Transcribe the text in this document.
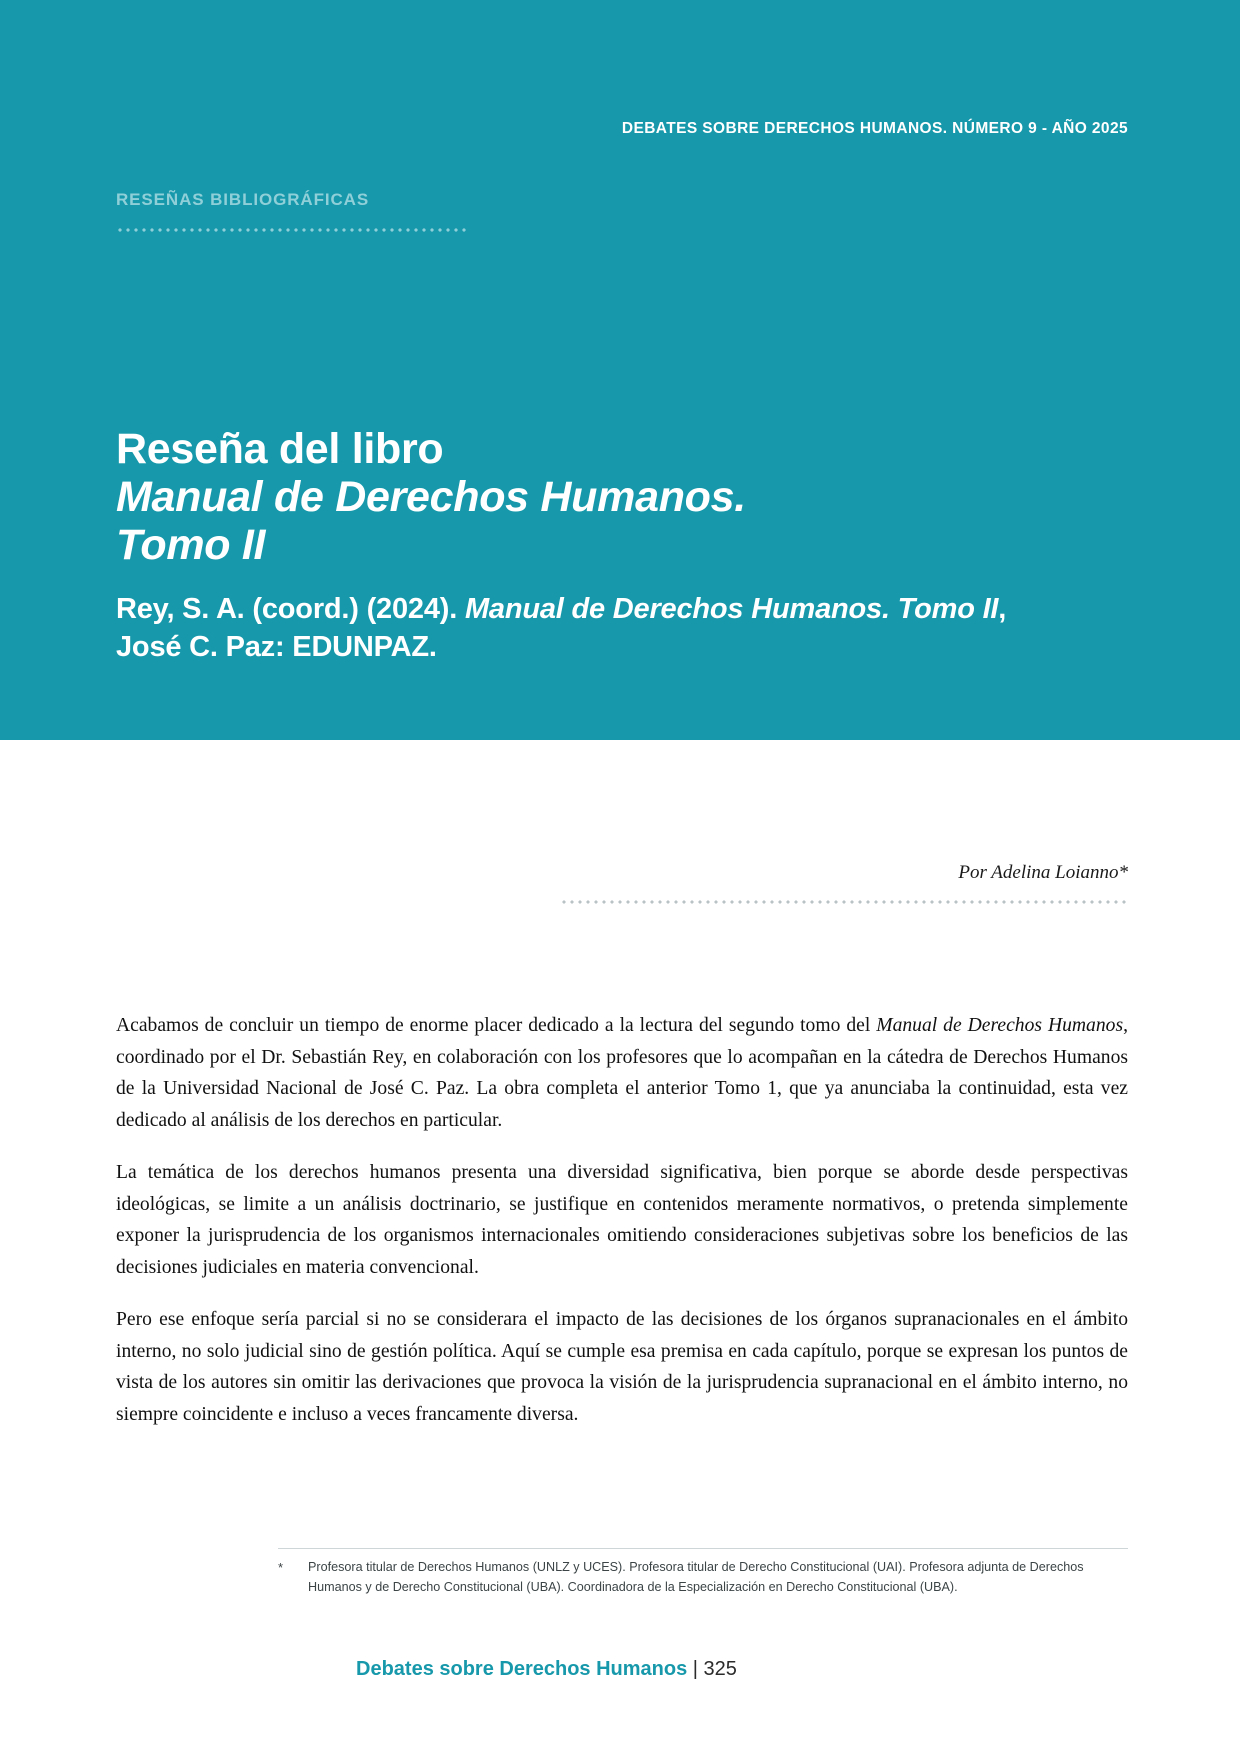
DEBATES SOBRE DERECHOS HUMANOS. NÚMERO 9 - AÑO 2025
RESEÑAS BIBLIOGRÁFICAS
Reseña del libro
Manual de Derechos Humanos.
Tomo II
Rey, S. A. (coord.) (2024). Manual de Derechos Humanos. Tomo II, José C. Paz: EDUNPAZ.
Por Adelina Loianno*

Acabamos de concluir un tiempo de enorme placer dedicado a la lectura del segundo tomo del Manual de Derechos Humanos, coordinado por el Dr. Sebastián Rey, en colaboración con los profesores que lo acompañan en la cátedra de Derechos Humanos de la Universidad Nacional de José C. Paz. La obra completa el anterior Tomo 1, que ya anunciaba la continuidad, esta vez dedicado al análisis de los derechos en particular.

La temática de los derechos humanos presenta una diversidad significativa, bien porque se aborde desde perspectivas ideológicas, se limite a un análisis doctrinario, se justifique en contenidos meramente normativos, o pretenda simplemente exponer la jurisprudencia de los organismos internacionales omitiendo consideraciones subjetivas sobre los beneficios de las decisiones judiciales en materia convencional.

Pero ese enfoque sería parcial si no se considerara el impacto de las decisiones de los órganos supranacionales en el ámbito interno, no solo judicial sino de gestión política. Aquí se cumple esa premisa en cada capítulo, porque se expresan los puntos de vista de los autores sin omitir las derivaciones que provoca la visión de la jurisprudencia supranacional en el ámbito interno, no siempre coincidente e incluso a veces francamente diversa.

*	Profesora titular de Derechos Humanos (UNLZ y UCES). Profesora titular de Derecho Constitucional (UAI). Profesora adjunta de Derechos Humanos y de Derecho Constitucional (UBA). Coordinadora de la Especialización en Derecho Constitucional (UBA).
Debates sobre Derechos Humanos | 325
